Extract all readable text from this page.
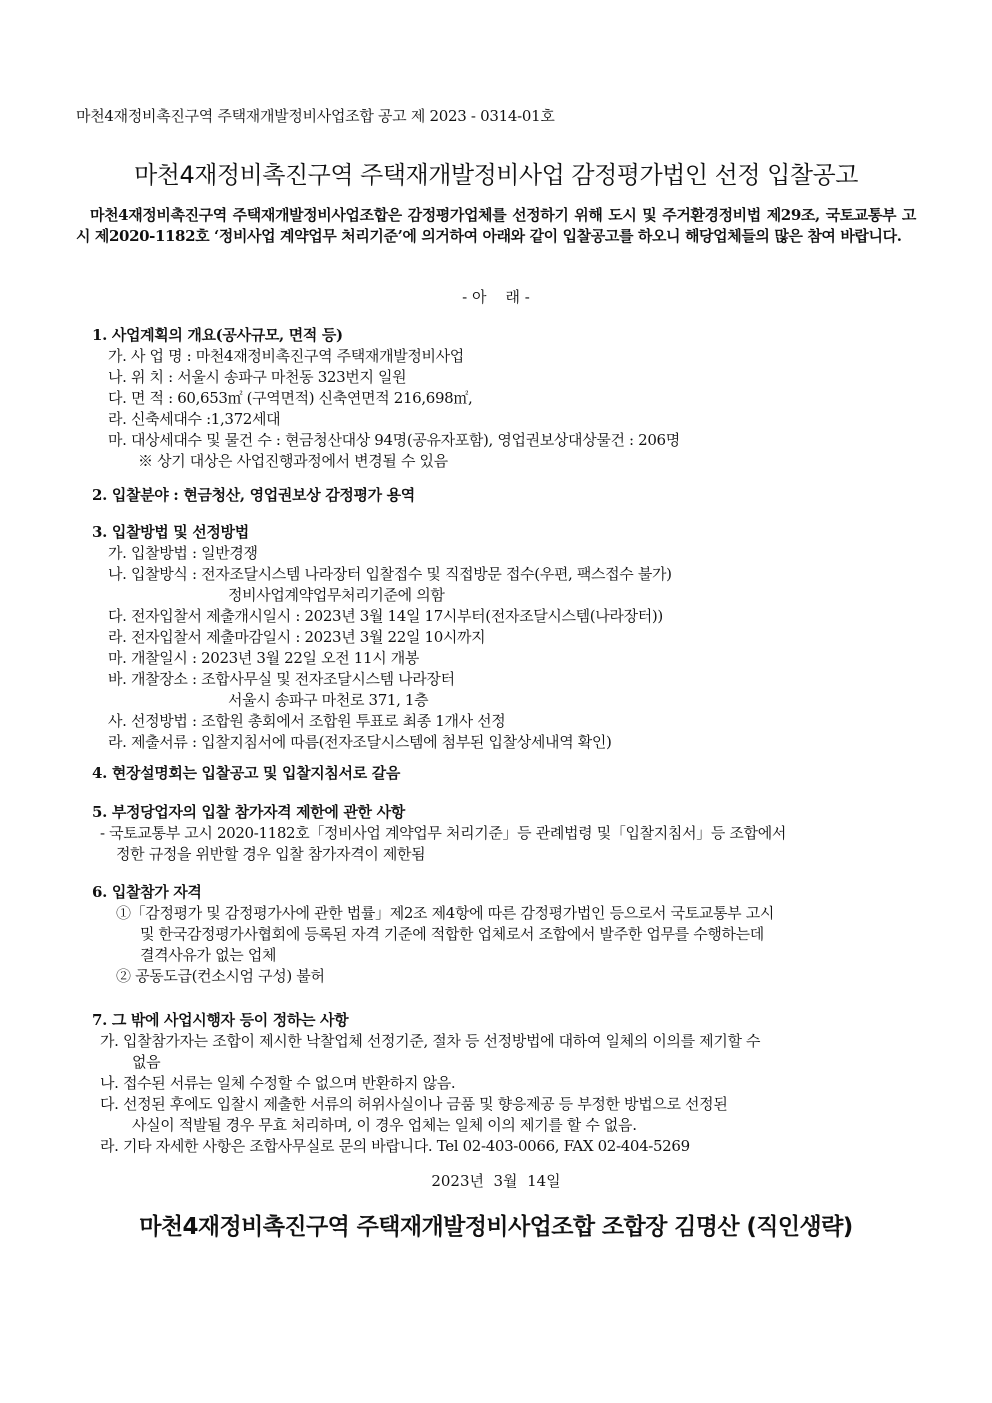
마천4재정비촉진구역 주택재개발정비사업조합 공고 제 2023 - 0314-01호
마천4재정비촉진구역 주택재개발정비사업 감정평가법인 선정 입찰공고

마천4재정비촉진구역 주택재개발정비사업조합은 감정평가업체를 선정하기 위해 도시 및 주거환경정비법 제29조, 국토교통부 고시 제2020-1182호 ‘정비사업 계약업무 처리기준’에 의거하여 아래와 같이 입찰공고를 하오니 해당업체들의 많은 참여 바랍니다.

- 아    래 -
1. 사업계획의 개요(공사규모, 면적 등)
가. 사 업 명 : 마천4재정비촉진구역 주택재개발정비사업
나. 위 치 : 서울시 송파구 마천동 323번지 일원
다. 면 적 : 60,653㎡ (구역면적) 신축연면적 216,698㎡,
라. 신축세대수 :1,372세대
마. 대상세대수 및 물건 수 : 현금청산대상 94명(공유자포함), 영업권보상대상물건 : 206명
※ 상기 대상은 사업진행과정에서 변경될 수 있음
2. 입찰분야 : 현금청산, 영업권보상 감정평가 용역
3. 입찰방법 및 선정방법
가. 입찰방법 : 일반경쟁
나. 입찰방식 : 전자조달시스템 나라장터 입찰접수 및 직접방문 접수(우편, 팩스접수 불가)
정비사업계약업무처리기준에 의함
다. 전자입찰서 제출개시일시 : 2023년 3월 14일 17시부터(전자조달시스템(나라장터))
라. 전자입찰서 제출마감일시 : 2023년 3월 22일 10시까지
마. 개찰일시 : 2023년 3월 22일 오전 11시 개봉
바. 개찰장소 : 조합사무실 및 전자조달시스템 나라장터
서울시 송파구 마천로 371, 1층
사. 선정방법 : 조합원 총회에서 조합원 투표로 최종 1개사 선정
라. 제출서류 : 입찰지침서에 따름(전자조달시스템에 첨부된 입찰상세내역 확인)
4. 현장설명회는 입찰공고 및 입찰지침서로 갈음
5. 부정당업자의 입찰 참가자격 제한에 관한 사항
- 국토교통부 고시 2020-1182호「정비사업 계약업무 처리기준」등 관례법령 및「입찰지침서」등 조합에서
정한 규정을 위반할 경우 입찰 참가자격이 제한됨
6. 입찰참가 자격
①「감정평가 및 감정평가사에 관한 법률」제2조 제4항에 따른 감정평가법인 등으로서 국토교통부 고시
및 한국감정평가사협회에 등록된 자격 기준에 적합한 업체로서 조합에서 발주한 업무를 수행하는데
결격사유가 없는 업체
② 공동도급(컨소시엄 구성) 불허
7. 그 밖에 사업시행자 등이 정하는 사항
가. 입찰참가자는 조합이 제시한 낙찰업체 선정기준, 절차 등 선정방법에 대하여 일체의 이의를 제기할 수
없음
나. 접수된 서류는 일체 수정할 수 없으며 반환하지 않음.
다. 선정된 후에도 입찰시 제출한 서류의 허위사실이나 금품 및 향응제공 등 부정한 방법으로 선정된
사실이 적발될 경우 무효 처리하며, 이 경우 업체는 일체 이의 제기를 할 수 없음.
라. 기타 자세한 사항은 조합사무실로 문의 바랍니다. Tel 02-403-0066, FAX 02-404-5269
2023년  3월  14일
마천4재정비촉진구역 주택재개발정비사업조합 조합장 김명산 (직인생략)
